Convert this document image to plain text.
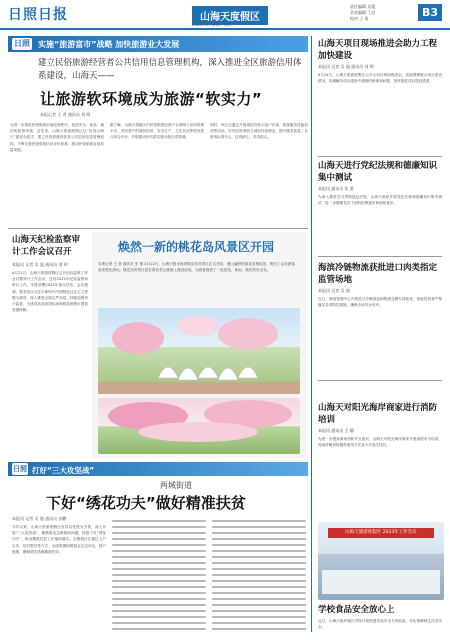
日照日报	山海天度假区
2023年4月26日 星期三
责任编辑 吴超
美术编辑 丁岩
校对 王 珺	B3
日照 实施“旅游富市”战略 加快旅游业大发展
建立民俗旅游经营者公共信用信息管理机构，深入推进全区旅游信用体系建设，山海天——
让旅游软环境成为旅游“软实力”
本报记者 王 者 通讯员 刘 明
为进一步规范民俗旅游市场经营秩序，营造安全、优质、诚信的旅游环境，近年来，山海天旅游度假区以“信用山海天”建设为抓手，建立民俗旅游经营者公共信用信息管理机构，不断完善民俗旅游信用评价体系，推动民俗旅游业高质量发展。
据了解，山海天将辖区内民俗旅游经营户全部纳入信用管理平台，对经营户的诚信经营、安全生产、卫生状况等情况进行综合评价，并根据评价结果实施分级分类管理。
同时，该区还通过开展诚信经营示范户评选、旅游服务技能培训等活动，引导经营者树立诚信经营理念，提升服务质量，让游客玩得开心、住得舒心、吃得放心。
山海天纪检监察审计工作会议召开
本报讯 记者 吴 超 通讯员 刘 明
4月21日，山海天旅游度假区召开纪检监察工作会议暨审计工作会议，总结2022年纪检监察和审计工作，安排部署2023年重点任务。会议强调，要坚持以习近平新时代中国特色社会主义思想为指导，深入推进全面从严治党，持续加强审计监督，为建设高品质国际滨海旅游度假区提供坚强保障。
焕然一新的桃花岛风景区开园
本报记者 王 者 通讯员 张 蕾 4月22日，山海天阳光海岸桃花岛风景区正式开园，漫山遍野的桃花竞相绽放，吸引了众多游客前来观光游玩。桃花岛风景区是在原有荒山基础上建设而成，为游客提供了一处赏花、休闲、娱乐的好去处。
日照 打好“三大攻坚战”
两城街道
下好“绣花功夫”做好精准扶贫
本报讯 记者 吴 超 通讯员 孙鹏
今年以来，山海天旅游度假区坚持以党建为引领，深入开展“三大攻坚战”，聚焦群众急难愁盼问题，持续下足“绣花功夫”，推动精准扶贫工作落细落实。各街道社区通过入户走访、结对帮扶等方式，全面掌握困难群众生活状况，因户施策，确保帮扶措施精准有效。
山海天项目现场推进会助力工程加快建设
本报讯 记者 吴 超 通讯员 刘 明
4月24日，山海天旅游度假区召开大项目现场推进会，实地观摩重点项目建设情况，协调解决项目建设中遇到的困难和问题，加快推进项目建设进度。
山海天进行党纪法规和德廉知识集中测试
本报讯 通讯员 张 蕾
为深入推进学习贯彻党纪法规，山海天组织开展党纪法规和德廉知识集中测试，进一步增强党员干部的纪律意识和规矩意识。
海滨冷链物流获批进口肉类指定监管场地
本报讯 记者 吴 超
近日，海滨管理中心开展进口冷链食品和物流仓储专项检查，督促经营者严格落实各项防控措施，确保市场安全有序。
山海天对阳光海岸商家进行消防培训
本报讯 通讯员 王 静
为进一步提高商家消防安全意识，山海天对阳光海岸商家开展消防安全培训，现场讲解消防器材使用方法及火灾逃生技巧。
山海天旅游度假区 2023年工作会议
学校食品安全放心上
近日，山海天组织辖区学校开展校园食品安全专项检查，切实保障师生饮食安全。
